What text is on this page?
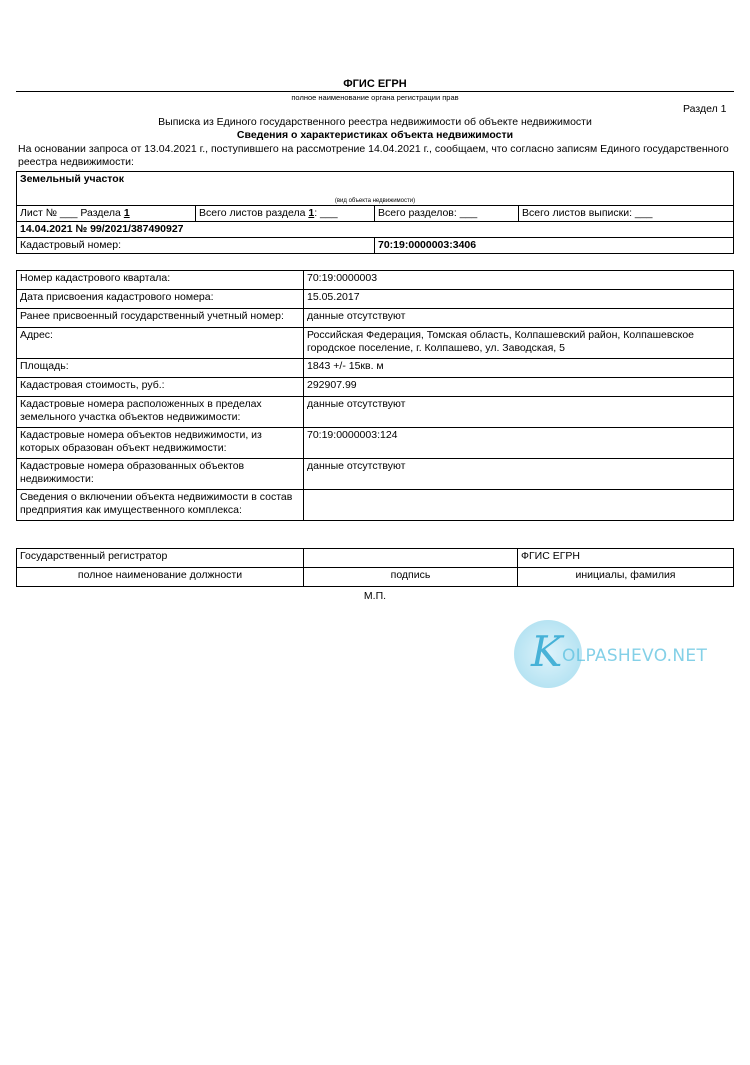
ФГИС ЕГРН
полное наименование органа регистрации прав
Раздел 1
Выписка из Единого государственного реестра недвижимости об объекте недвижимости
Сведения о характеристиках объекта недвижимости
На основании запроса от 13.04.2021 г., поступившего на рассмотрение 14.04.2021 г., сообщаем, что согласно записям Единого государственного реестра недвижимости:
Земельный участок
(вид объекта недвижимости)			

Лист № ___ Раздела 1	Всего листов раздела 1: ___	Всего разделов: ___	Всего листов выписки: ___
14.04.2021 № 99/2021/387490927			
Кадастровый номер:		70:19:0000003:3406	
Номер кадастрового квартала:	70:19:0000003
Дата присвоения кадастрового номера:	15.05.2017
Ранее присвоенный государственный учетный номер:	данные отсутствуют
Адрес:	Российская Федерация, Томская область, Колпашевский район, Колпашевское городское поселение, г. Колпашево, ул. Заводская, 5
Площадь:	1843 +/- 15кв. м
Кадастровая стоимость, руб.:	292907.99
Кадастровые номера расположенных в пределах земельного участка объектов недвижимости:	данные отсутствуют
Кадастровые номера объектов недвижимости, из которых образован объект недвижимости:	70:19:0000003:124
Кадастровые номера образованных объектов недвижимости:	данные отсутствуют
Сведения о включении объекта недвижимости в состав предприятия как имущественного комплекса:	
Государственный регистратор		ФГИС ЕГРН
полное наименование должности	подпись	инициалы, фамилия
М.П.
K OLPASHEVO.NET
